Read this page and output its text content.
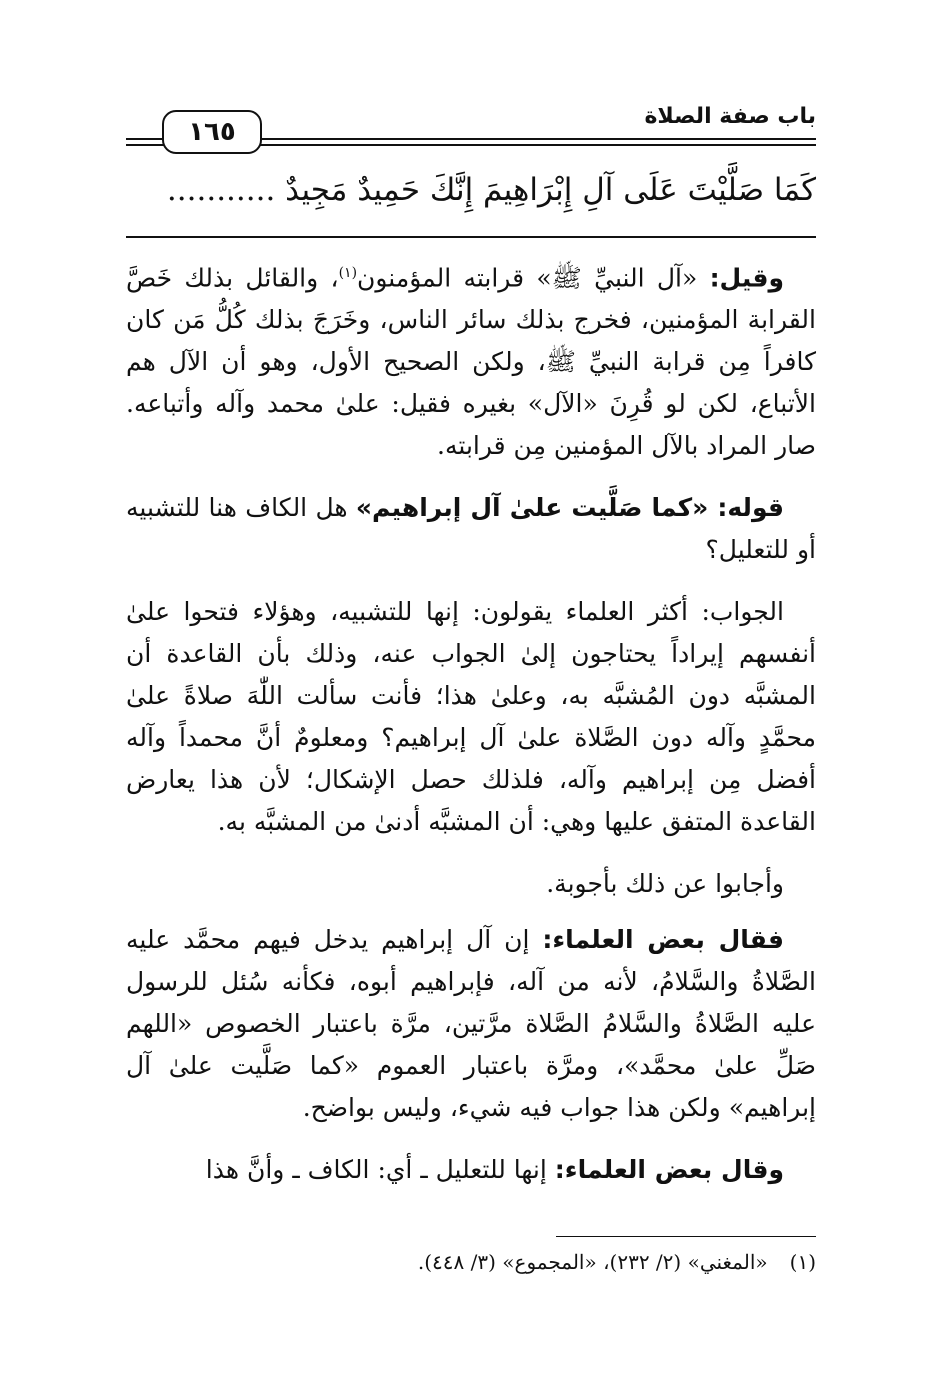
باب صفة الصلاة
١٦٥
كَمَا صَلَّيْتَ عَلَى آلِ إِبْرَاهِيمَ إِنَّكَ حَمِيدٌ مَجِيدٌ ...........

وقيل: «آل النبيِّ ﷺ» قرابته المؤمنون$^{(١)}$، والقائل بذلك خَصَّ القرابة المؤمنين، فخرج بذلك سائر الناس، وخَرَجَ بذلك كُلُّ مَن كان كافراً مِن قرابة النبيِّ ﷺ، ولكن الصحيح الأول، وهو أن الآل هم الأتباع، لكن لو قُرِنَ «الآل» بغيره فقيل: علىٰ محمد وآله وأتباعه. صار المراد بالآل المؤمنين مِن قرابته.

قوله: «كما صَلَّيت علىٰ آل إبراهيم» هل الكاف هنا للتشبيه أو للتعليل؟

الجواب: أكثر العلماء يقولون: إنها للتشبيه، وهؤلاء فتحوا علىٰ أنفسهم إيراداً يحتاجون إلىٰ الجواب عنه، وذلك بأن القاعدة أن المشبَّه دون المُشبَّه به، وعلىٰ هذا؛ فأنت سألت اللّٰهَ صلاةً علىٰ محمَّدٍ وآله دون الصَّلاة علىٰ آل إبراهيم؟ ومعلومٌ أنَّ محمداً وآله أفضل مِن إبراهيم وآله، فلذلك حصل الإشكال؛ لأن هذا يعارض القاعدة المتفق عليها وهي: أن المشبَّه أدنىٰ من المشبَّه به.

وأجابوا عن ذلك بأجوبة.

فقال بعض العلماء: إن آل إبراهيم يدخل فيهم محمَّد عليه الصَّلاةُ والسَّلامُ، لأنه من آله، فإبراهيم أبوه، فكأنه سُئل للرسول عليه الصَّلاةُ والسَّلامُ الصَّلاة مرَّتين، مرَّة باعتبار الخصوص «اللهم صَلِّ علىٰ محمَّد»، ومرَّة باعتبار العموم «كما صَلَّيت علىٰ آل إبراهيم» ولكن هذا جواب فيه شيء، وليس بواضح.

وقال بعض العلماء: إنها للتعليل ـ أي: الكاف ـ وأنَّ هذا

(١)«المغني» (٢/ ٢٣٢)، «المجموع» (٣/ ٤٤٨).
